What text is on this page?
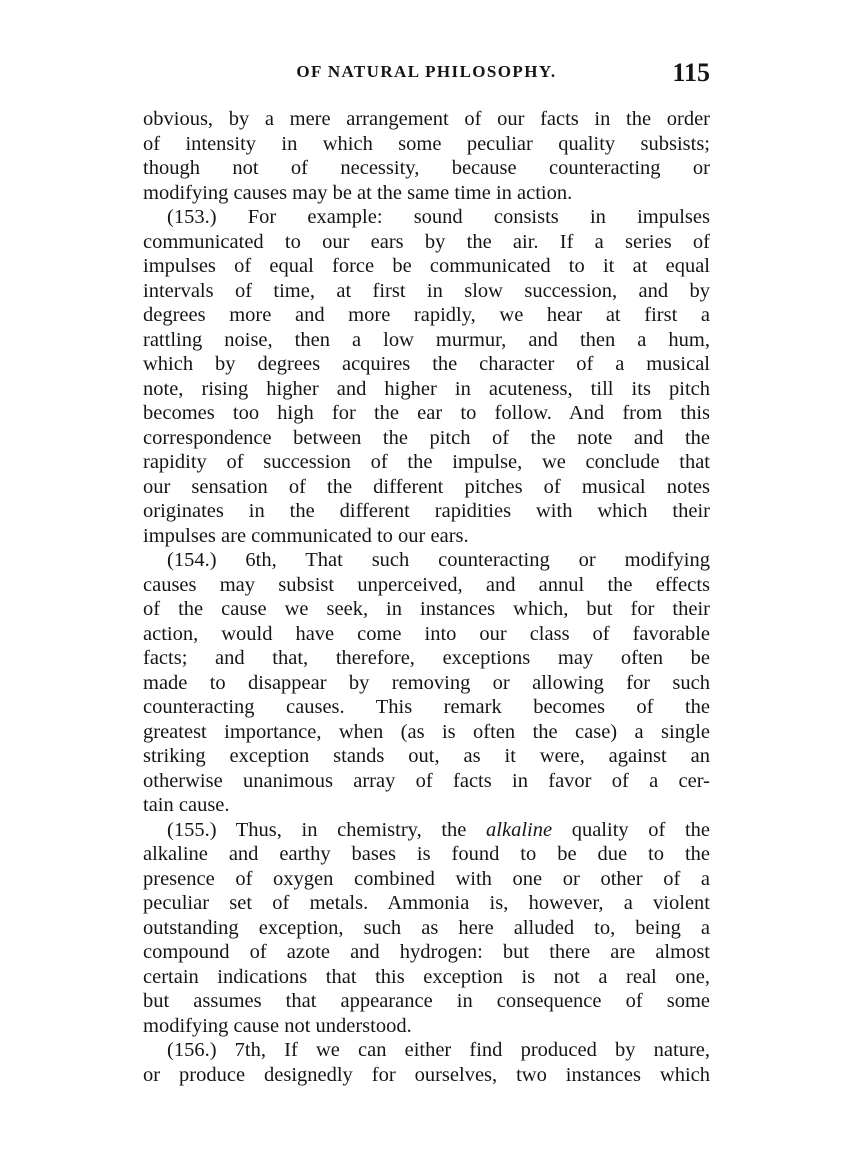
OF NATURAL PHILOSOPHY.	115
obvious, by a mere arrangement of our facts in the order
of intensity in which some peculiar quality subsists;
though not of necessity, because counteracting or
modifying causes may be at the same time in action.
(153.) For example: sound consists in impulses
communicated to our ears by the air. If a series of
impulses of equal force be communicated to it at equal
intervals of time, at first in slow succession, and by
degrees more and more rapidly, we hear at first a
rattling noise, then a low murmur, and then a hum,
which by degrees acquires the character of a musical
note, rising higher and higher in acuteness, till its pitch
becomes too high for the ear to follow. And from this
correspondence between the pitch of the note and the
rapidity of succession of the impulse, we conclude that
our sensation of the different pitches of musical notes
originates in the different rapidities with which their
impulses are communicated to our ears.
(154.) 6th, That such counteracting or modifying
causes may subsist unperceived, and annul the effects
of the cause we seek, in instances which, but for their
action, would have come into our class of favorable
facts; and that, therefore, exceptions may often be
made to disappear by removing or allowing for such
counteracting causes. This remark becomes of the
greatest importance, when (as is often the case) a single
striking exception stands out, as it were, against an
otherwise unanimous array of facts in favor of a cer-
tain cause.
(155.) Thus, in chemistry, the alkaline quality of the
alkaline and earthy bases is found to be due to the
presence of oxygen combined with one or other of a
peculiar set of metals. Ammonia is, however, a violent
outstanding exception, such as here alluded to, being a
compound of azote and hydrogen: but there are almost
certain indications that this exception is not a real one,
but assumes that appearance in consequence of some
modifying cause not understood.
(156.) 7th, If we can either find produced by nature,
or produce designedly for ourselves, two instances which
